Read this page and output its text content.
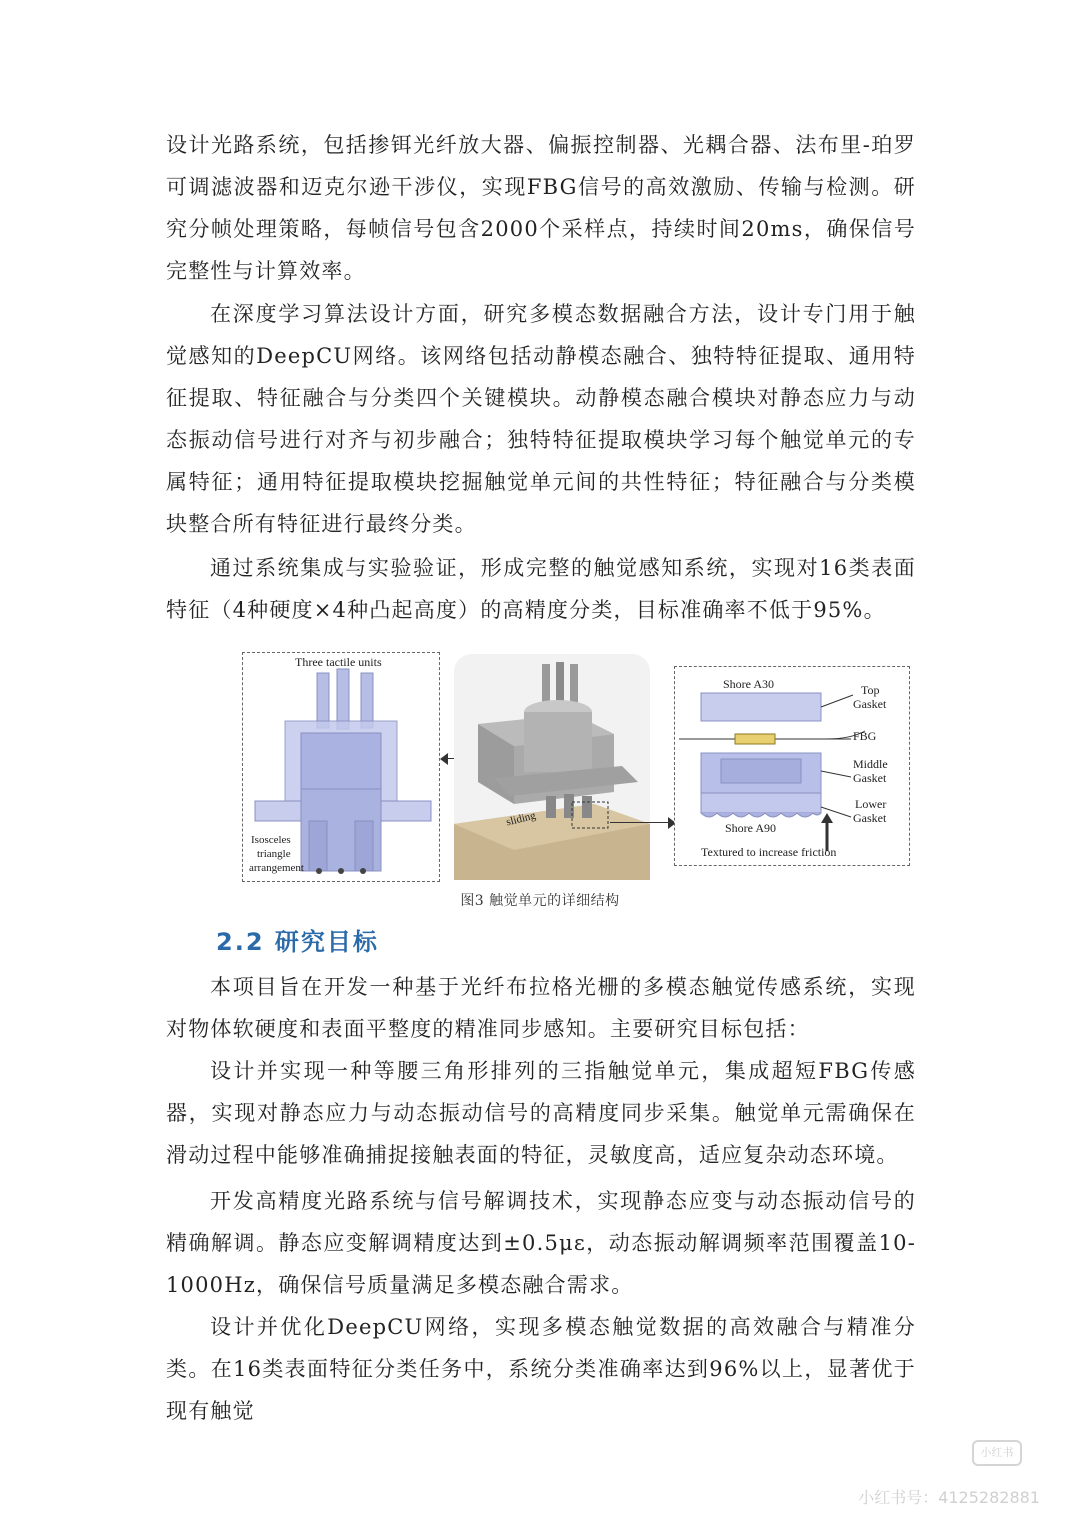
设计光路系统，包括掺铒光纤放大器、偏振控制器、光耦合器、法布里-珀罗可调滤波器和迈克尔逊干涉仪，实现FBG信号的高效激励、传输与检测。研究分帧处理策略，每帧信号包含2000个采样点，持续时间20ms，确保信号完整性与计算效率。

在深度学习算法设计方面，研究多模态数据融合方法，设计专门用于触觉感知的DeepCU网络。该网络包括动静模态融合、独特特征提取、通用特征提取、特征融合与分类四个关键模块。动静模态融合模块对静态应力与动态振动信号进行对齐与初步融合；独特特征提取模块学习每个触觉单元的专属特征；通用特征提取模块挖掘触觉单元间的共性特征；特征融合与分类模块整合所有特征进行最终分类。

通过系统集成与实验验证，形成完整的触觉感知系统，实现对16类表面特征（4种硬度×4种凸起高度）的高精度分类，目标准确率不低于95%。

Three tactile units
Isosceles
triangle
arrangement
sliding
Shore A30	Top
Gasket
FBG
Middle
Gasket
Lower
Gasket
Shore A90
Textured to increase friction
图3 触觉单元的详细结构
2.2 研究目标

本项目旨在开发一种基于光纤布拉格光栅的多模态触觉传感系统，实现对物体软硬度和表面平整度的精准同步感知。主要研究目标包括：

设计并实现一种等腰三角形排列的三指触觉单元，集成超短FBG传感器，实现对静态应力与动态振动信号的高精度同步采集。触觉单元需确保在滑动过程中能够准确捕捉接触表面的特征，灵敏度高，适应复杂动态环境。

开发高精度光路系统与信号解调技术，实现静态应变与动态振动信号的精确解调。静态应变解调精度达到±0.5με，动态振动解调频率范围覆盖10-1000Hz，确保信号质量满足多模态融合需求。

设计并优化DeepCU网络，实现多模态触觉数据的高效融合与精准分类。在16类表面特征分类任务中，系统分类准确率达到96%以上，显著优于现有触觉

小红书
小红书号：4125282881
